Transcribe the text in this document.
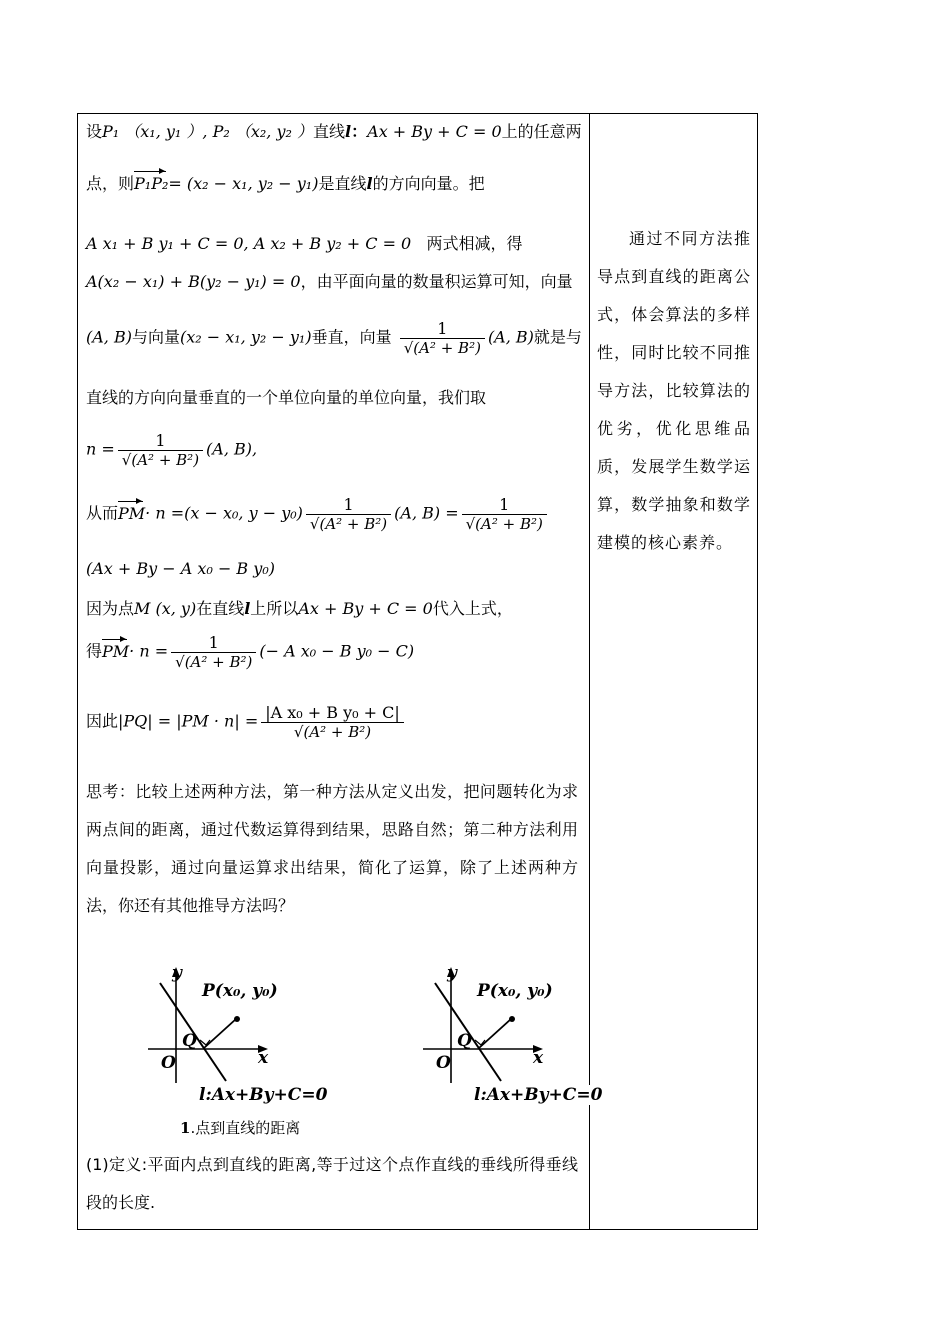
设P₁ （x₁, y₁ ）, P₂ （x₂, y₂ ）直线l：Ax + By + C = 0上的任意两
点，则P₁P₂= (x₂ − x₁, y₂ − y₁)是直线l的方向向量。把
A x₁ + B y₁ + C = 0, A x₂ + B y₂ + C = 0 两式相减，得
A(x₂ − x₁) + B(y₂ − y₁) = 0，由平面向量的数量积运算可知，向量
(A, B)与向量(x₂ − x₁, y₂ − y₁)垂直，向量 $\frac{1}{\text{√(A² + B²)}} (A$, B)就是与
直线的方向向量垂直的一个单位向量的单位向量，我们取
$n = \frac{1}{\text{√(A² + B²)}} (A$, B),
从而PM· n =(x − x₀, $y - y_0) \frac{1}{\text{√(A² + B²)}} (A$, $B) = \frac{1}{\text{√(A² + B²)}}$
(Ax + By − A x₀ − B y₀)
因为点M (x, y)在直线l上所以Ax + By + C = 0代入上式，
得$PM\cdot n = \frac{1}{\text{√(A² + B²)}}$ (− A x₀ − B y₀ − C)
因此$|PQ| = |PM \cdot n| = \frac{\text{|A x₀ + B y₀ + C|}}{\text{√(A² + B²)}}$

思考：比较上述两种方法，第一种方法从定义出发，把问题转化为求两点间的距离，通过代数运算得到结果，思路自然；第二种方法利用向量投影，通过向量运算求出结果，简化了运算，除了上述两种方法，你还有其他推导方法吗？

y
x
O
Q
P(x₀, y₀)
l:Ax+By+C=0
y
x
O
Q
P(x₀, y₀)
l:Ax+By+C=0
1.点到直线的距离

(1)定义:平面内点到直线的距离,等于过这个点作直线的垂线所得垂线段的长度.

通过不同方法推导点到直线的距离公式，体会算法的多样性，同时比较不同推导方法，比较算法的优劣，优化思维品质，发展学生数学运算，数学抽象和数学建模的核心素养。
